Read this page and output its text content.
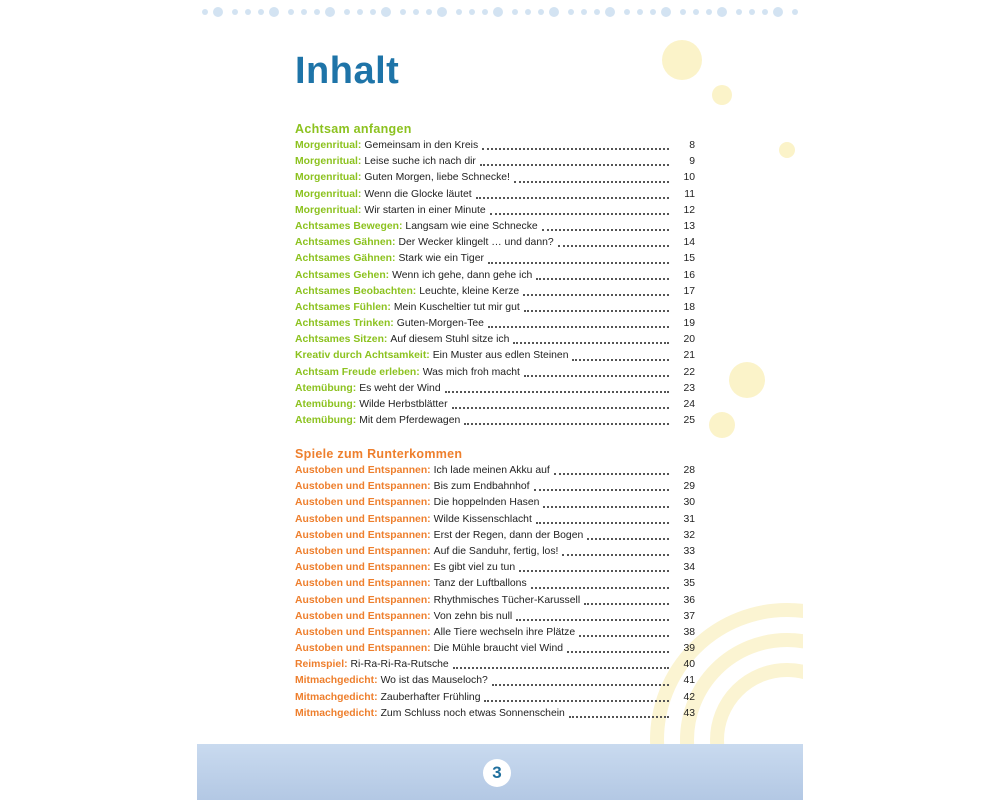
Inhalt
Achtsam anfangen
Morgenritual: Gemeinsam in den Kreis	8
Morgenritual: Leise suche ich nach dir	9
Morgenritual: Guten Morgen, liebe Schnecke!	10
Morgenritual: Wenn die Glocke läutet	11
Morgenritual: Wir starten in einer Minute	12
Achtsames Bewegen: Langsam wie eine Schnecke	13
Achtsames Gähnen: Der Wecker klingelt … und dann?	14
Achtsames Gähnen: Stark wie ein Tiger	15
Achtsames Gehen: Wenn ich gehe, dann gehe ich	16
Achtsames Beobachten: Leuchte, kleine Kerze	17
Achtsames Fühlen: Mein Kuscheltier tut mir gut	18
Achtsames Trinken: Guten-Morgen-Tee	19
Achtsames Sitzen: Auf diesem Stuhl sitze ich	20
Kreativ durch Achtsamkeit: Ein Muster aus edlen Steinen	21
Achtsam Freude erleben: Was mich froh macht	22
Atemübung: Es weht der Wind	23
Atemübung: Wilde Herbstblätter	24
Atemübung: Mit dem Pferdewagen	25
Spiele zum Runterkommen
Austoben und Entspannen: Ich lade meinen Akku auf	28
Austoben und Entspannen: Bis zum Endbahnhof	29
Austoben und Entspannen: Die hoppelnden Hasen	30
Austoben und Entspannen: Wilde Kissenschlacht	31
Austoben und Entspannen: Erst der Regen, dann der Bogen	32
Austoben und Entspannen: Auf die Sanduhr, fertig, los!	33
Austoben und Entspannen: Es gibt viel zu tun	34
Austoben und Entspannen: Tanz der Luftballons	35
Austoben und Entspannen: Rhythmisches Tücher-Karussell	36
Austoben und Entspannen: Von zehn bis null	37
Austoben und Entspannen: Alle Tiere wechseln ihre Plätze	38
Austoben und Entspannen: Die Mühle braucht viel Wind	39
Reimspiel: Ri-Ra-Ri-Ra-Rutsche	40
Mitmachgedicht: Wo ist das Mauseloch?	41
Mitmachgedicht: Zauberhafter Frühling	42
Mitmachgedicht: Zum Schluss noch etwas Sonnenschein	43
3
